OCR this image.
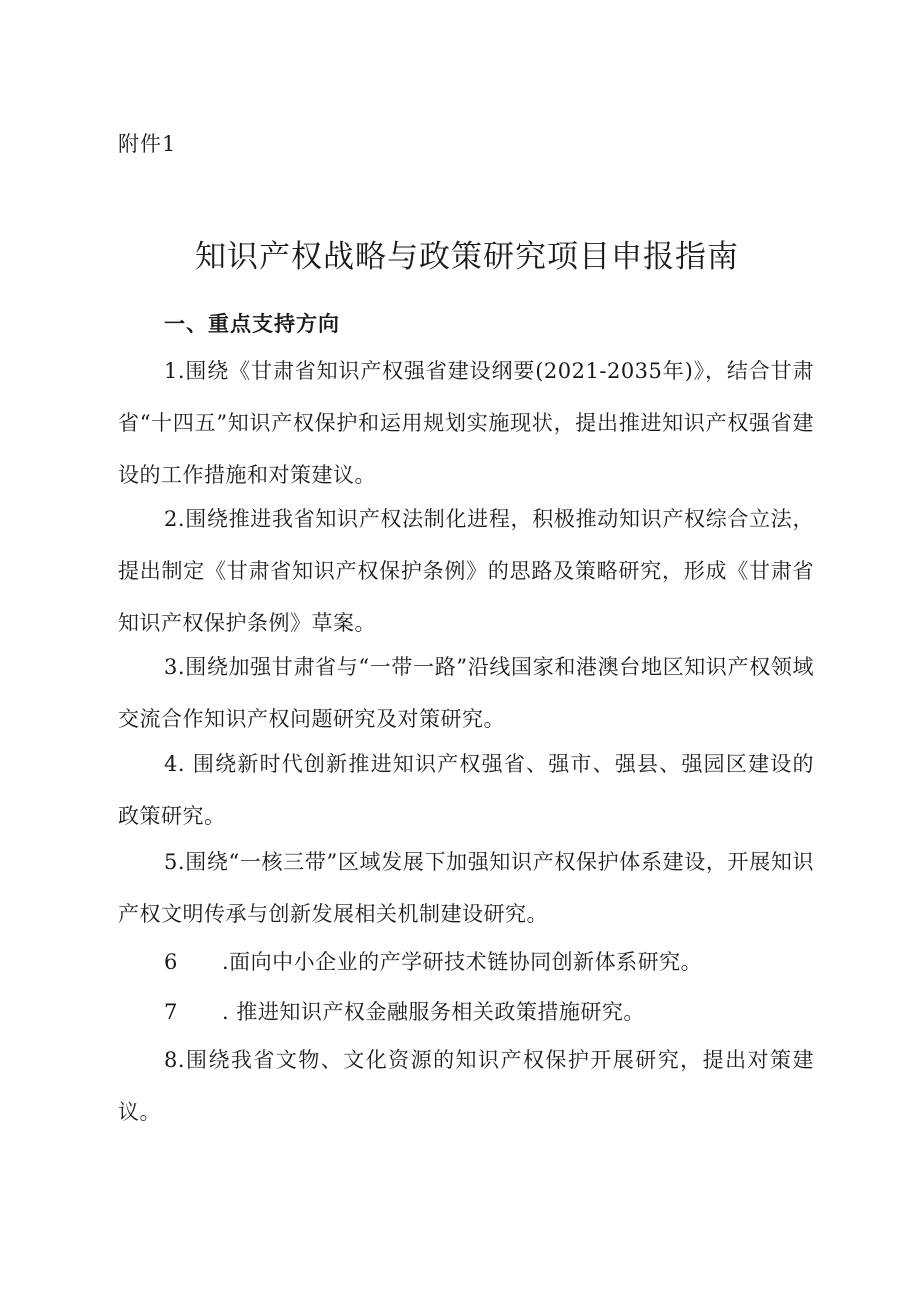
附件1
知识产权战略与政策研究项目申报指南
一、重点支持方向

1.围绕《甘肃省知识产权强省建设纲要(2021-2035年)》，结合甘肃省“十四五”知识产权保护和运用规划实施现状，提出推进知识产权强省建设的工作措施和对策建议。

2.围绕推进我省知识产权法制化进程，积极推动知识产权综合立法，提出制定《甘肃省知识产权保护条例》的思路及策略研究，形成《甘肃省知识产权保护条例》草案。

3.围绕加强甘肃省与“一带一路”沿线国家和港澳台地区知识产权领域交流合作知识产权问题研究及对策研究。

4. 围绕新时代创新推进知识产权强省、强市、强县、强园区建设的政策研究。

5.围绕“一核三带”区域发展下加强知识产权保护体系建设，开展知识产权文明传承与创新发展相关机制建设研究。

6 .面向中小企业的产学研技术链协同创新体系研究。

7 . 推进知识产权金融服务相关政策措施研究。

8.围绕我省文物、文化资源的知识产权保护开展研究，提出对策建议。
